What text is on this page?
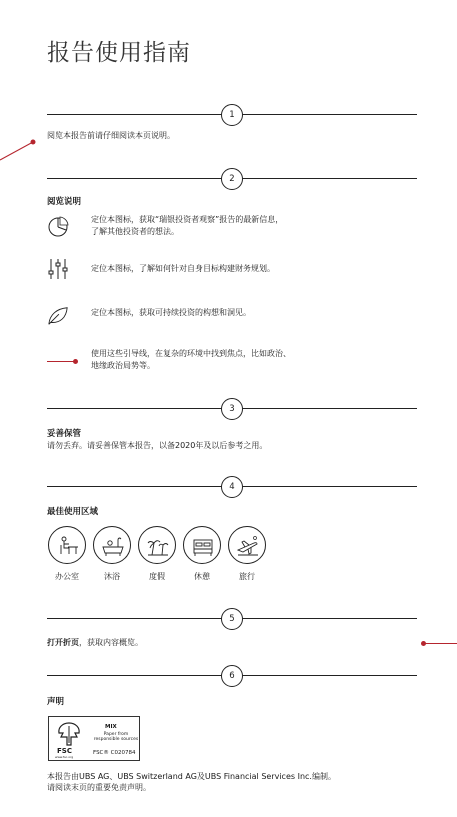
报告使用指南
1
阅览本报告前请仔细阅读本页说明。
2
阅览说明
定位本图标，获取“瑞银投资者观察”报告的最新信息，
了解其他投资者的想法。
定位本图标，了解如何针对自身目标构建财务规划。
定位本图标，获取可持续投资的构想和洞见。
使用这些引导线，在复杂的环境中找到焦点，比如政治、
地缘政治局势等。
3
妥善保管
请勿丢弃。请妥善保管本报告，以备2020年及以后参考之用。
4
最佳使用区域
办公室	沐浴	度假	休憩	旅行
5
打开折页，获取内容概览。
6
声明
FSC
www.fsc.org
MIX
Paper from
responsible sources
FSC® C020784
本报告由UBS AG、UBS Switzerland AG及UBS Financial Services Inc.编制。
请阅读末页的重要免责声明。
